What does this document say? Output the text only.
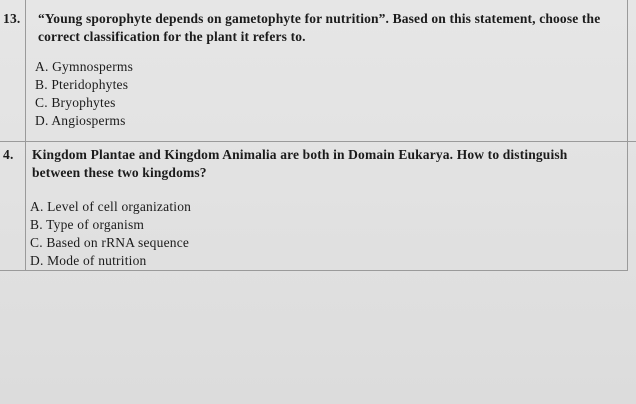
13. “Young sporophyte depends on gametophyte for nutrition”. Based on this statement, choose the
correct classification for the plant it refers to.
A. Gymnosperms
B. Pteridophytes
C. Bryophytes
D. Angiosperms
4. Kingdom Plantae and Kingdom Animalia are both in Domain Eukarya. How to distinguish
between these two kingdoms?
A. Level of cell organization
B. Type of organism
C. Based on rRNA sequence
D. Mode of nutrition
